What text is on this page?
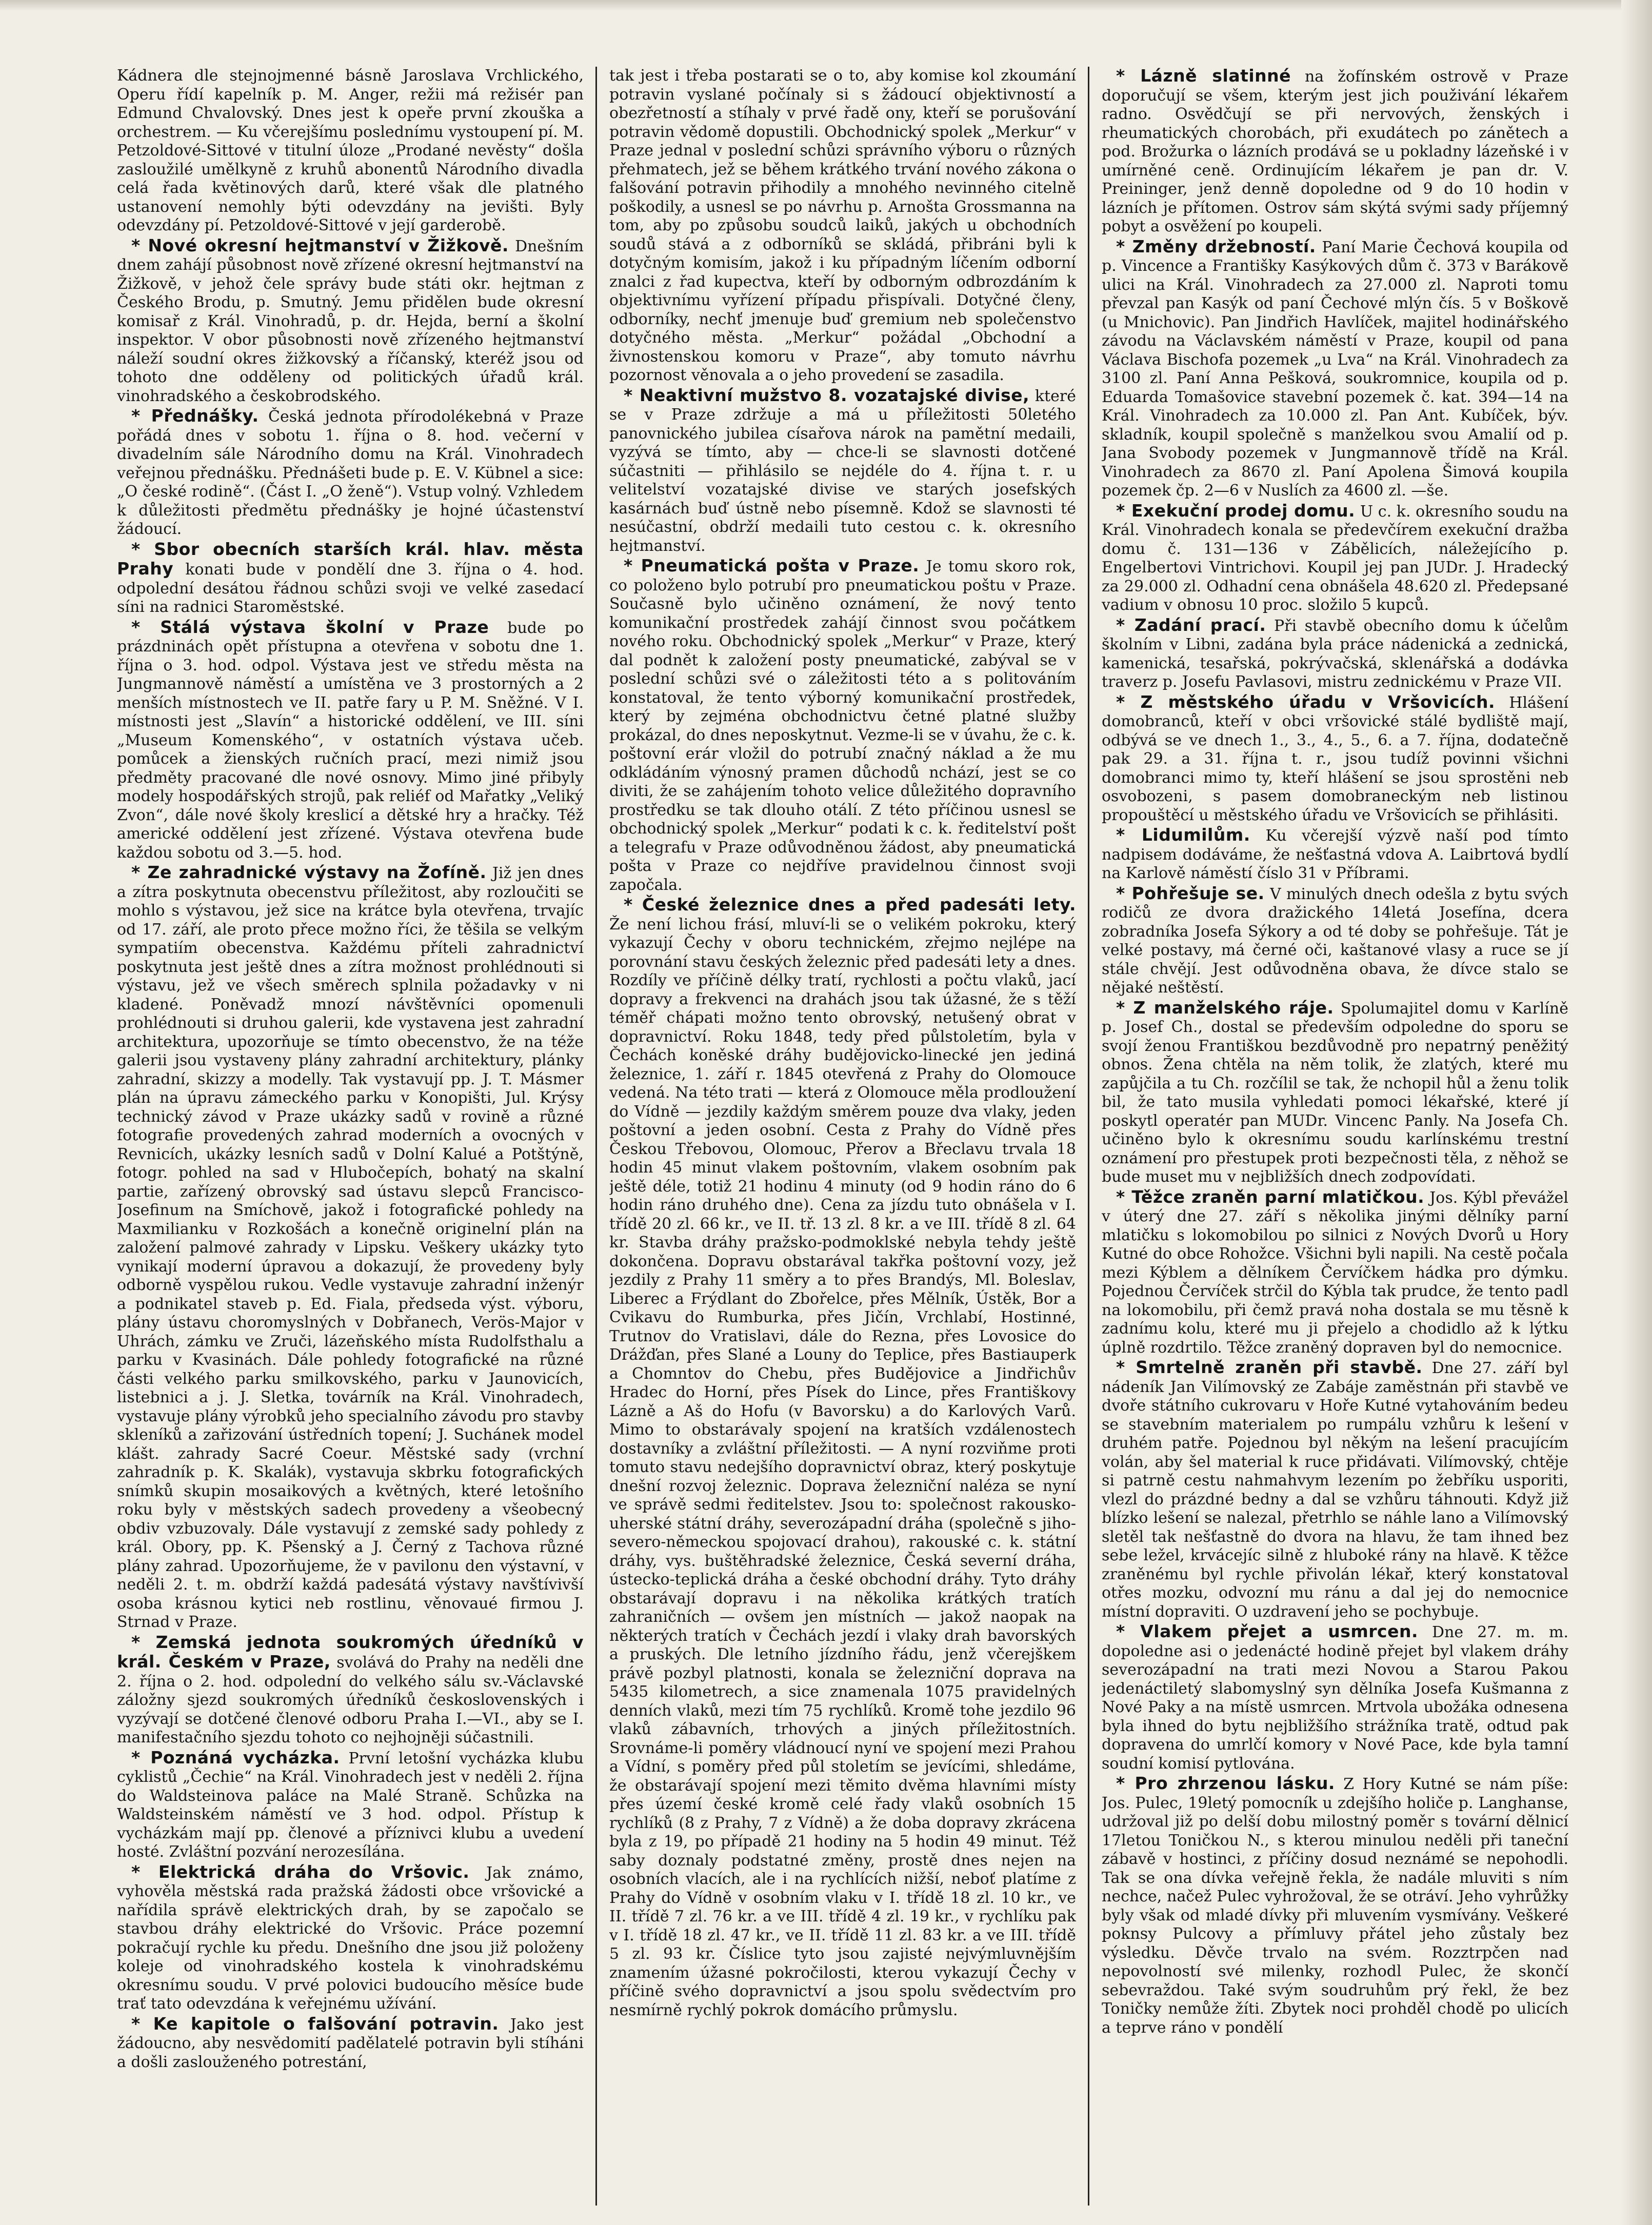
Kádnera dle stejnojmenné básně Jaroslava Vrchlického, Operu řídí kapelník p. M. Anger, režii má režisér pan Edmund Chvalovský. Dnes jest k opeře první zkouška a orchestrem. — Ku včerejšímu poslednímu vystoupení pí. M. Petzoldové-Sittové v titulní úloze „Prodané nevěsty“ došla zasloužilé umělkyně z kruhů abonentů Národního divadla celá řada květinových darů, které však dle platného ustanovení nemohly býti odevzdány na jevišti. Byly odevzdány pí. Petzoldové-Sittové v její garderobě.

* Nové okresní hejtmanství v Žižkově. Dnešním dnem zahájí působnost nově zřízené okresní hejtmanství na Žižkově, v jehož čele správy bude státi okr. hejtman z Českého Brodu, p. Smutný. Jemu přidělen bude okresní komisař z Král. Vinohradů, p. dr. Hejda, berní a školní inspektor. V obor působnosti nově zřízeného hejtmanství náleží soudní okres žižkovský a říčanský, kteréž jsou od tohoto dne odděleny od politických úřadů král. vinohradského a českobrodského.

* Přednášky. Česká jednota přírodolékebná v Praze pořádá dnes v sobotu 1. října o 8. hod. večerní v divadelním sále Národního domu na Král. Vinohradech veřejnou přednášku. Přednášeti bude p. E. V. Kübnel a sice: „O české rodině“. (Část I. „O ženě“). Vstup volný. Vzhledem k důležitosti předmětu přednášky je hojné účastenství žádoucí.

* Sbor obecních starších král. hlav. města Prahy konati bude v pondělí dne 3. října o 4. hod. odpolední desátou řádnou schůzi svoji ve velké zasedací síni na radnici Staroměstské.

* Stálá výstava školní v Praze bude po prázdninách opět přístupna a otevřena v sobotu dne 1. října o 3. hod. odpol. Výstava jest ve středu města na Jungmannově náměstí a umístěna ve 3 prostorných a 2 menších místnostech ve II. patře fary u P. M. Sněžné. V I. místnosti jest „Slavín“ a historické oddělení, ve III. síni „Museum Komenského“, v ostatních výstava učeb. pomůcek a žienských ručních prací, mezi nimiž jsou předměty pracované dle nové osnovy. Mimo jiné přibyly modely hospodářských strojů, pak reliéf od Mařatky „Veliký Zvon“, dále nové školy kreslicí a dětské hry a hračky. Též americké oddělení jest zřízené. Výstava otevřena bude každou sobotu od 3.—5. hod.

* Ze zahradnické výstavy na Žofíně. Již jen dnes a zítra poskytnuta obecenstvu příležitost, aby rozloučiti se mohlo s výstavou, jež sice na krátce byla otevřena, trvajíc od 17. září, ale proto přece možno říci, že těšila se velkým sympatiím obecenstva. Každému příteli zahradnictví poskytnuta jest ještě dnes a zítra možnost prohlédnouti si výstavu, jež ve všech směrech splnila požadavky v ni kladené. Poněvadž mnozí návštěvníci opomenuli prohlédnouti si druhou galerii, kde vystavena jest zahradní architektura, upozorňuje se tímto obecenstvo, že na téže galerii jsou vystaveny plány zahradní architektury, plánky zahradní, skizzy a modelly. Tak vystavují pp. J. T. Másmer plán na úpravu zámeckého parku v Konopišti, Jul. Krýsy technický závod v Praze ukázky sadů v rovině a různé fotografie provedených zahrad moderních a ovocných v Revnicích, ukázky lesních sadů v Dolní Kalué a Potštýně, fotogr. pohled na sad v Hlubočepích, bohatý na skalní partie, zařízený obrovský sad ústavu slepců Francisco-Josefinum na Smíchově, jakož i fotografické pohledy na Maxmilianku v Rozkošách a konečně originelní plán na založení palmové zahrady v Lipsku. Veškery ukázky tyto vynikají moderní úpravou a dokazují, že provedeny byly odborně vyspělou rukou. Vedle vystavuje zahradní inženýr a podnikatel staveb p. Ed. Fiala, předseda výst. výboru, plány ústavu choromyslných v Dobřanech, Verös-Major v Uhrách, zámku ve Zruči, lázeňského místa Rudolfsthalu a parku v Kvasinách. Dále pohledy fotografické na různé části velkého parku smilkovského, parku v Jaunovicích, listebnici a j. J. Sletka, továrník na Král. Vinohradech, vystavuje plány výrobků jeho specialního závodu pro stavby skleníků a zařizování ústředních topení; J. Suchánek model klášt. zahrady Sacré Coeur. Městské sady (vrchní zahradník p. K. Skalák), vystavuja skbrku fotografických snímků skupin mosaikových a květných, které letošního roku byly v městských sadech provedeny a všeobecný obdiv vzbuzovaly. Dále vystavují z zemské sady pohledy z král. Obory, pp. K. Pšenský a J. Černý z Tachova různé plány zahrad. Upozorňujeme, že v pavilonu den výstavní, v neděli 2. t. m. obdrží každá padesátá výstavy navštívivší osoba krásnou kytici neb rostlinu, věnovaué firmou J. Strnad v Praze.

* Zemská jednota soukromých úředníků v král. Českém v Praze, svolává do Prahy na neděli dne 2. října o 2. hod. odpolední do velkého sálu sv.-Václavské záložny sjezd soukromých úředníků československých i vyzývají se dotčené členové odboru Praha I.—VI., aby se I. manifestačního sjezdu tohoto co nejhojněji súčastnili.

* Poznáná vycházka. První letošní vycházka klubu cyklistů „Čechie“ na Král. Vinohradech jest v neděli 2. října do Waldsteinova paláce na Malé Straně. Schůzka na Waldsteinském náměstí ve 3 hod. odpol. Přístup k vycházkám mají pp. členové a příznivci klubu a uvedení hosté. Zvláštní pozvání nerozesílána.

* Elektrická dráha do Vršovic. Jak známo, vyhověla městská rada pražská žádosti obce vršovické a nařídila správě elektrických drah, by se započalo se stavbou dráhy elektrické do Vršovic. Práce pozemní pokračují rychle ku předu. Dnešního dne jsou již položeny koleje od vinohradského kostela k vinohradskému okresnímu soudu. V prvé polovici budoucího měsíce bude trať tato odevzdána k veřejnému užívání.

* Ke kapitole o falšování potravin. Jako jest žádoucno, aby nesvědomití padělatelé potravin byli stíháni a došli zaslouženého potrestání,

tak jest i třeba postarati se o to, aby komise kol zkoumání potravin vyslané počínaly si s žádoucí objektivností a obezřetností a stíhaly v prvé řadě ony, kteří se porušování potravin vědomě dopustili. Obchodnický spolek „Merkur“ v Praze jednal v poslední schůzi správního výboru o různých přehmatech, jež se během krátkého trvání nového zákona o falšování potravin přihodily a mnohého nevinného citelně poškodily, a usnesl se po návrhu p. Arnošta Grossmanna na tom, aby po způsobu soudců laiků, jakých u obchodních soudů stává a z odborníků se skládá, přibráni byli k dotyčným komisím, jakož i ku případným líčením odborní znalci z řad kupectva, kteří by odborným odbrozdáním k objektivnímu vyřízení případu přispívali. Dotyčné členy, odborníky, nechť jmenuje buď gremium neb společenstvo dotyčného města. „Merkur“ požádal „Obchodní a živnostenskou komoru v Praze“, aby tomuto návrhu pozornost věnovala a o jeho provedení se zasadila.

* Neaktivní mužstvo 8. vozatajské divise, které se v Praze zdržuje a má u příležitosti 50letého panovnického jubilea císařova nárok na pamětní medaili, vyzývá se tímto, aby — chce-li se slavnosti dotčené súčastniti — přihlásilo se nejdéle do 4. října t. r. u velitelství vozatajské divise ve starých josefských kasárnách buď ústně nebo písemně. Kdož se slavnosti té nesúčastní, obdrží medaili tuto cestou c. k. okresního hejtmanství.

* Pneumatická pošta v Praze. Je tomu skoro rok, co položeno bylo potrubí pro pneumatickou poštu v Praze. Současně bylo učiněno oznámení, že nový tento komunikační prostředek zahájí činnost svou počátkem nového roku. Obchodnický spolek „Merkur“ v Praze, který dal podnět k založení posty pneumatické, zabýval se v poslední schůzi své o záležitosti této a s politováním konstatoval, že tento výborný komunikační prostředek, který by zejména obchodnictvu četné platné služby prokázal, do dnes neposkytnut. Vezme-li se v úvahu, že c. k. poštovní erár vložil do potrubí značný náklad a že mu odkládáním výnosný pramen důchodů nchází, jest se co diviti, že se zahájením tohoto velice důležitého dopravního prostředku se tak dlouho otálí. Z této příčinou usnesl se obchodnický spolek „Merkur“ podati k c. k. ředitelství pošt a telegrafu v Praze odůvodněnou žádost, aby pneumatická pošta v Praze co nejdříve pravidelnou činnost svoji započala.

* České železnice dnes a před padesáti lety. Že není lichou frásí, mluví-li se o velikém pokroku, který vykazují Čechy v oboru technickém, zřejmo nejlépe na porovnání stavu českých železnic před padesáti lety a dnes. Rozdíly ve příčině délky tratí, rychlosti a počtu vlaků, jací dopravy a frekvenci na drahách jsou tak úžasné, že s těží téměř chápati možno tento obrovský, netušený obrat v dopravnictví. Roku 1848, tedy před půlstoletím, byla v Čechách koněské dráhy budějovicko-linecké jen jediná železnice, 1. září r. 1845 otevřená z Prahy do Olomouce vedená. Na této trati — která z Olomouce měla prodloužení do Vídně — jezdily každým směrem pouze dva vlaky, jeden poštovní a jeden osobní. Cesta z Prahy do Vídně přes Českou Třebovou, Olomouc, Přerov a Břeclavu trvala 18 hodin 45 minut vlakem poštovním, vlakem osobním pak ještě déle, totiž 21 hodinu 4 minuty (od 9 hodin ráno do 6 hodin ráno druhého dne). Cena za jízdu tuto obnášela v I. třídě 20 zl. 66 kr., ve II. tř. 13 zl. 8 kr. a ve III. třídě 8 zl. 64 kr. Stavba dráhy pražsko-podmoklské nebyla tehdy ještě dokončena. Dopravu obstarával takřka poštovní vozy, jež jezdily z Prahy 11 směry a to přes Brandýs, Ml. Boleslav, Liberec a Frýdlant do Zbořelce, přes Mělník, Ústěk, Bor a Cvikavu do Rumburka, přes Jičín, Vrchlabí, Hostinné, Trutnov do Vratislavi, dále do Rezna, přes Lovosice do Drážďan, přes Slané a Louny do Teplice, přes Bastiauperk a Chomntov do Chebu, přes Budějovice a Jindřichův Hradec do Horní, přes Písek do Lince, přes Františkovy Lázně a Aš do Hofu (v Bavorsku) a do Karlových Varů. Mimo to obstarávaly spojení na kratších vzdálenostech dostavníky a zvláštní příležitosti. — A nyní rozviňme proti tomuto stavu nedejšího dopravnictví obraz, který poskytuje dnešní rozvoj železnic. Doprava železniční naléza se nyní ve správě sedmi ředitelstev. Jsou to: společnost rakousko-uherské státní dráhy, severozápadní dráha (společně s jiho-severo-německou spojovací drahou), rakouské c. k. státní dráhy, vys. buštěhradské železnice, Česká severní dráha, ústecko-teplická dráha a české obchodní dráhy. Tyto dráhy obstarávají dopravu i na několika krátkých tratích zahraničních — ovšem jen místních — jakož naopak na některých tratích v Čechách jezdí i vlaky drah bavorských a pruských. Dle letního jízdního řádu, jenž včerejškem právě pozbyl platnosti, konala se železniční doprava na 5435 kilometrech, a sice znamenala 1075 pravidelných denních vlaků, mezi tím 75 rychlíků. Kromě tohe jezdilo 96 vlaků zábavních, trhových a jiných příležitostních. Srovnáme-li poměry vládnoucí nyní ve spojení mezi Prahou a Vídní, s poměry před půl stoletím se jevícími, shledáme, že obstarávají spojení mezi těmito dvěma hlavními místy přes území české kromě celé řady vlaků osobních 15 rychlíků (8 z Prahy, 7 z Vídně) a že doba dopravy zkrácena byla z 19, po případě 21 hodiny na 5 hodin 49 minut. Též saby doznaly podstatné změny, prostě dnes nejen na osobních vlacích, ale i na rychlících nižší, neboť platíme z Prahy do Vídně v osobním vlaku v I. třídě 18 zl. 10 kr., ve II. třídě 7 zl. 76 kr. a ve III. třídě 4 zl. 19 kr., v rychlíku pak v I. třídě 18 zl. 47 kr., ve II. třídě 11 zl. 83 kr. a ve III. třídě 5 zl. 93 kr. Číslice tyto jsou zajisté nejvýmluvnějším znamením úžasné pokročilosti, kterou vykazují Čechy v příčině svého dopravnictví a jsou spolu svědectvím pro nesmírně rychlý pokrok domácího průmyslu.

* Lázně slatinné na žofínském ostrově v Praze doporučují se všem, kterým jest jich použivání lékařem radno. Osvědčují se při nervových, ženských i rheumatických chorobách, při exudátech po zánětech a pod. Brožurka o lázních prodává se u pokladny lázeňské i v umírněné ceně. Ordinujícím lékařem je pan dr. V. Preininger, jenž denně dopoledne od 9 do 10 hodin v lázních je přítomen. Ostrov sám skýtá svými sady příjemný pobyt a osvěžení po koupeli.

* Změny držebností. Paní Marie Čechová koupila od p. Vincence a Františky Kasýkových dům č. 373 v Barákově ulici na Král. Vinohradech za 27.000 zl. Naproti tomu převzal pan Kasýk od paní Čechové mlýn čís. 5 v Boškově (u Mnichovic). Pan Jindřich Havlíček, majitel hodinářského závodu na Václavském náměstí v Praze, koupil od pana Václava Bischofa pozemek „u Lva“ na Král. Vinohradech za 3100 zl. Paní Anna Pešková, soukromnice, koupila od p. Eduarda Tomašovice stavební pozemek č. kat. 394—14 na Král. Vinohradech za 10.000 zl. Pan Ant. Kubíček, býv. skladník, koupil společně s manželkou svou Amalií od p. Jana Svobody pozemek v Jungmannově třídě na Král. Vinohradech za 8670 zl. Paní Apolena Šimová koupila pozemek čp. 2—6 v Nuslích za 4600 zl. —še.

* Exekuční prodej domu. U c. k. okresního soudu na Král. Vinohradech konala se předevčírem exekuční dražba domu č. 131—136 v Zábělicích, náležejícího p. Engelbertovi Vintrichovi. Koupil jej pan JUDr. J. Hradecký za 29.000 zl. Odhadní cena obnášela 48.620 zl. Předepsané vadium v obnosu 10 proc. složilo 5 kupců.

* Zadání prací. Při stavbě obecního domu k účelům školním v Libni, zadána byla práce nádenická a zednická, kamenická, tesařská, pokrývačská, sklenářská a dodávka traverz p. Josefu Pavlasovi, mistru zednickému v Praze VII.

* Z městského úřadu v Vršovicích. Hlášení domobranců, kteří v obci vršovické stálé bydliště mají, odbývá se ve dnech 1., 3., 4., 5., 6. a 7. října, dodatečně pak 29. a 31. října t. r., jsou tudíž povinni všichni domobranci mimo ty, kteří hlášení se jsou sprostěni neb osvobozeni, s pasem domobraneckým neb listinou propouštěcí u městského úřadu ve Vršovicích se přihlásiti.

* Lidumilům. Ku včerejší výzvě naší pod tímto nadpisem dodáváme, že nešťastná vdova A. Laibrtová bydlí na Karlově náměstí číslo 31 v Příbrami.

* Pohřešuje se. V minulých dnech odešla z bytu svých rodičů ze dvora dražického 14letá Josefína, dcera zobradníka Josefa Sýkory a od té doby se pohřešuje. Tát je velké postavy, má černé oči, kaštanové vlasy a ruce se jí stále chvějí. Jest odůvodněna obava, že dívce stalo se nějaké neštěstí.

* Z manželského ráje. Spolumajitel domu v Karlíně p. Josef Ch., dostal se především odpoledne do sporu se svojí ženou Františkou bezdůvodně pro nepatrný peněžitý obnos. Žena chtěla na něm tolik, že zlatých, které mu zapůjčila a tu Ch. rozčílil se tak, že nchopil hůl a ženu tolik bil, že tato musila vyhledati pomoci lékařské, které jí poskytl operatér pan MUDr. Vincenc Panly. Na Josefa Ch. učiněno bylo k okresnímu soudu karlínskému trestní oznámení pro přestupek proti bezpečnosti těla, z něhož se bude muset mu v nejbližších dnech zodpovídati.

* Těžce zraněn parní mlatičkou. Jos. Kýbl převážel v úterý dne 27. září s několika jinými dělníky parní mlatičku s lokomobilou po silnici z Nových Dvorů u Hory Kutné do obce Rohožce. Všichni byli napili. Na cestě počala mezi Kýblem a dělníkem Červíčkem hádka pro dýmku. Pojednou Červíček strčil do Kýbla tak prudce, že tento padl na lokomobilu, při čemž pravá noha dostala se mu těsně k zadnímu kolu, které mu ji přejelo a chodidlo až k lýtku úplně rozdrtilo. Těžce zraněný dopraven byl do nemocnice.

* Smrtelně zraněn při stavbě. Dne 27. září byl nádeník Jan Vilímovský ze Zabáje zaměstnán při stavbě ve dvoře státního cukrovaru v Hoře Kutné vytahováním bedeu se stavebním materialem po rumpálu vzhůru k lešení v druhém patře. Pojednou byl někým na lešení pracujícím volán, aby šel material k ruce přidávati. Vilímovský, chtěje si patrně cestu nahmahvym lezením po žebříku usporiti, vlezl do prázdné bedny a dal se vzhůru táhnouti. Když již blízko lešení se nalezal, přetrhlo se náhle lano a Vilímovský sletěl tak nešťastně do dvora na hlavu, že tam ihned bez sebe ležel, krvácejíc silně z hluboké rány na hlavě. K těžce zraněnému byl rychle přivolán lékař, který konstatoval otřes mozku, odvozní mu ránu a dal jej do nemocnice místní dopraviti. O uzdravení jeho se pochybuje.

* Vlakem přejet a usmrcen. Dne 27. m. m. dopoledne asi o jedenácté hodině přejet byl vlakem dráhy severozápadní na trati mezi Novou a Starou Pakou jedenáctiletý slabomyslný syn dělníka Josefa Kušmanna z Nové Paky a na místě usmrcen. Mrtvola ubožáka odnesena byla ihned do bytu nejbližšího strážníka tratě, odtud pak dopravena do umrlčí komory v Nové Pace, kde byla tamní soudní komisí pytlována.

* Pro zhrzenou lásku. Z Hory Kutné se nám píše: Jos. Pulec, 19letý pomocník u zdejšího holiče p. Langhanse, udržoval již po delší dobu milostný poměr s tovární dělnicí 17letou Toničkou N., s kterou minulou neděli při taneční zábavě v hostinci, z příčiny dosud neznámé se nepohodli. Tak se ona dívka veřejně řekla, že nadále mluviti s ním nechce, načež Pulec vyhrožoval, že se otráví. Jeho vyhrůžky byly však od mladé dívky při mluvením vysmívány. Veškeré poknsy Pulcovy a přímluvy přátel jeho zůstaly bez výsledku. Děvče trvalo na svém. Rozztrpčen nad nepovolností své milenky, rozhodl Pulec, že skončí sebevraždou. Také svým soudruhům prý řekl, že bez Toničky nemůže žíti. Zbytek noci prohděl chodě po ulicích a teprve ráno v pondělí
